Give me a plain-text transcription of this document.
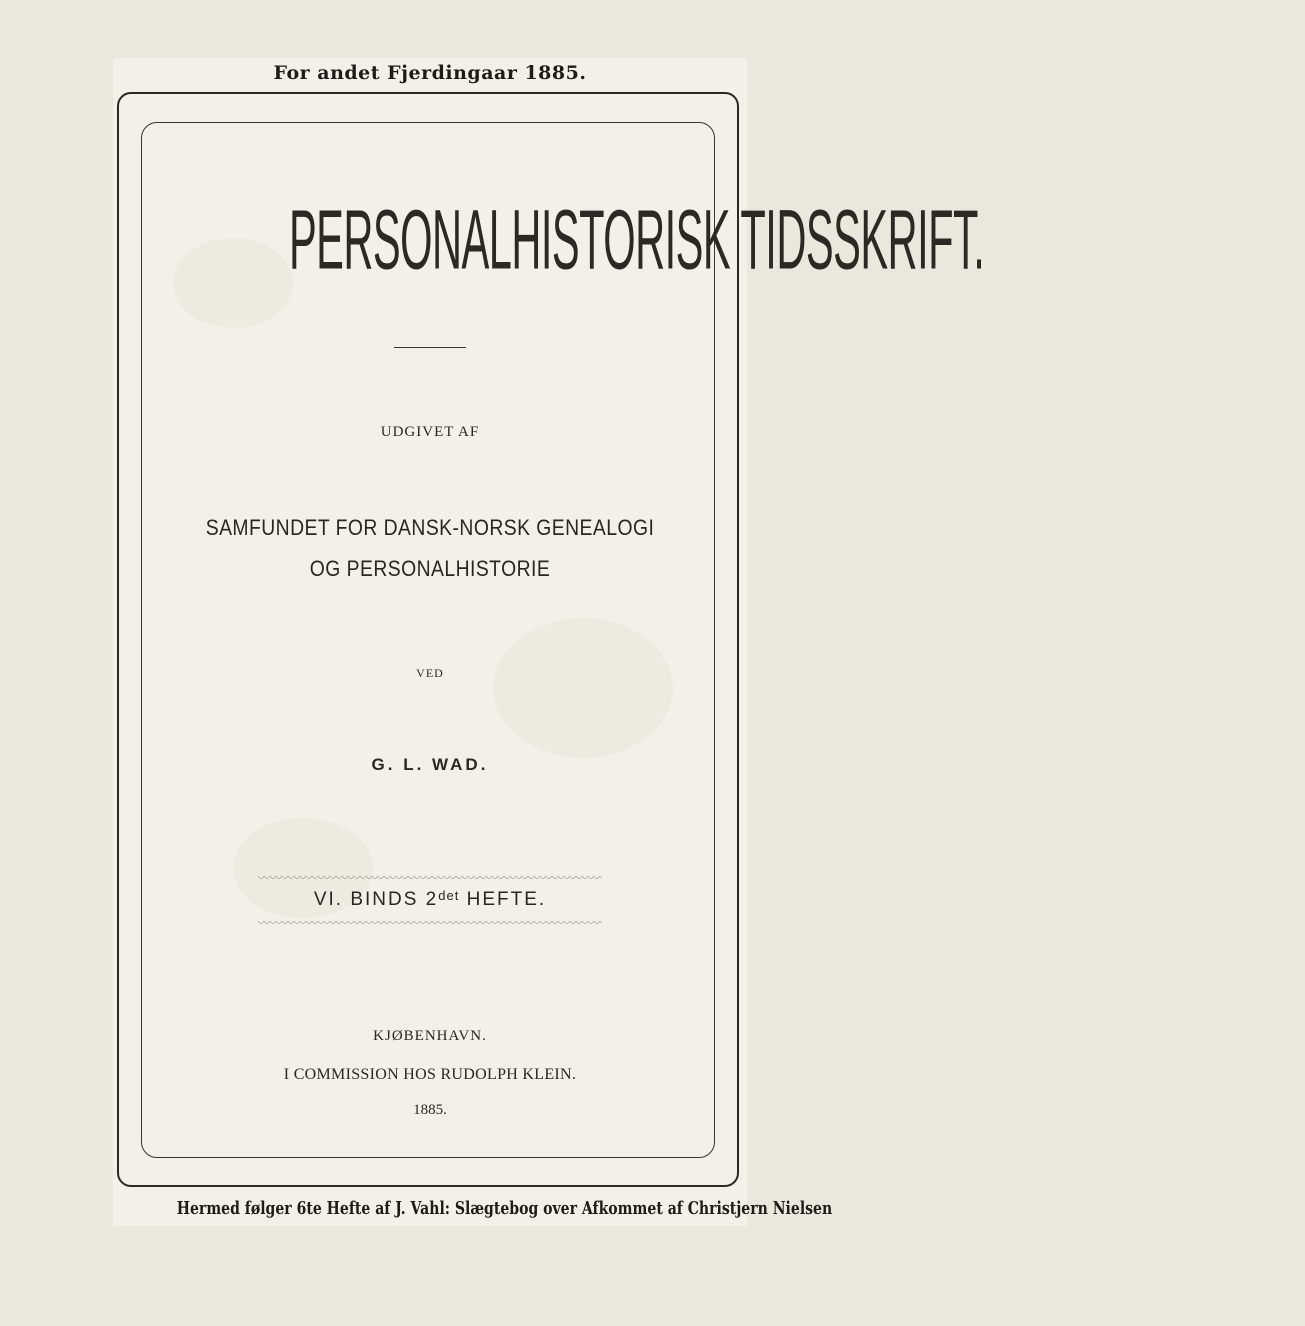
For andet Fjerdingaar 1885.
PERSONALHISTORISK TIDSSKRIFT.
UDGIVET AF
SAMFUNDET FOR DANSK-NORSK GENEALOGI
OG PERSONALHISTORIE
VED
G. L. WAD.
VI. BINDS $2^{det}$ HEFTE.
KJØBENHAVN.
I COMMISSION HOS RUDOLPH KLEIN.
1885.
Hermed følger 6te Hefte af J. Vahl: Slægtebog over Afkommet af Christjern Nielsen
